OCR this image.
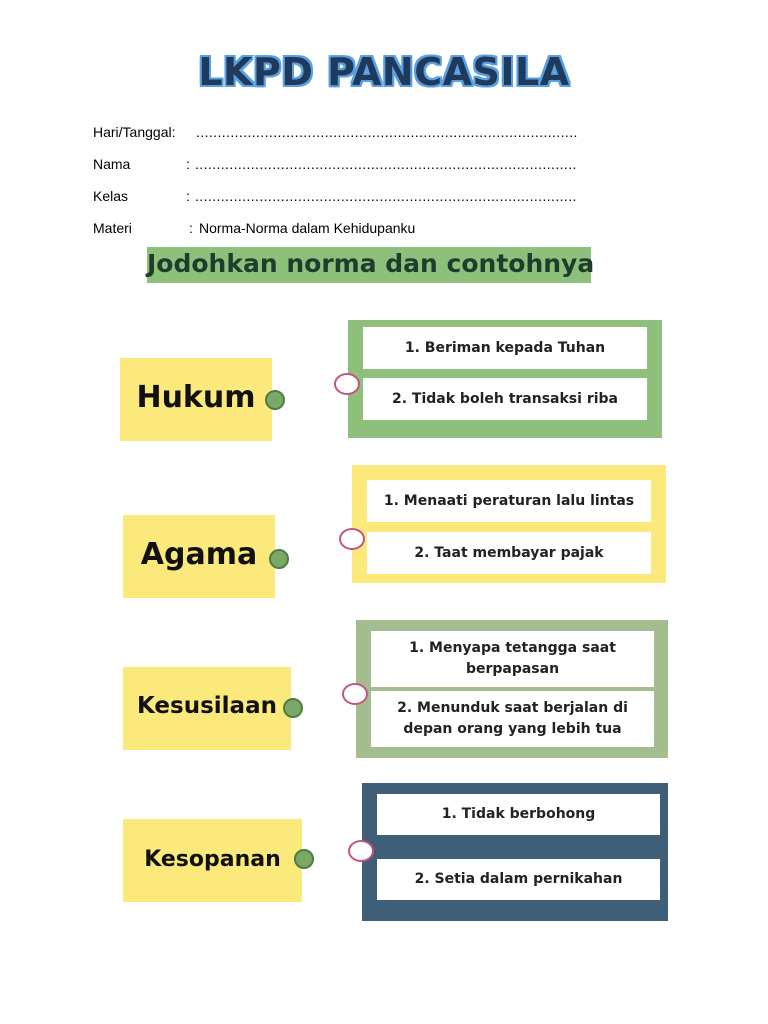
LKPD PANCASILA
Hari/Tanggal: .........................................................................................
Nama	: .........................................................................................
Kelas	: .........................................................................................
Materi	: Norma-Norma dalam Kehidupanku
Jodohkan norma dan contohnya
Hukum
Agama
Kesusilaan
Kesopanan
1. Beriman kepada Tuhan
2. Tidak boleh transaksi riba
1. Menaati peraturan lalu lintas
2. Taat membayar pajak
1. Menyapa tetangga saat berpapasan
2. Menunduk saat berjalan di depan orang yang lebih tua
1. Tidak berbohong
2. Setia dalam pernikahan
